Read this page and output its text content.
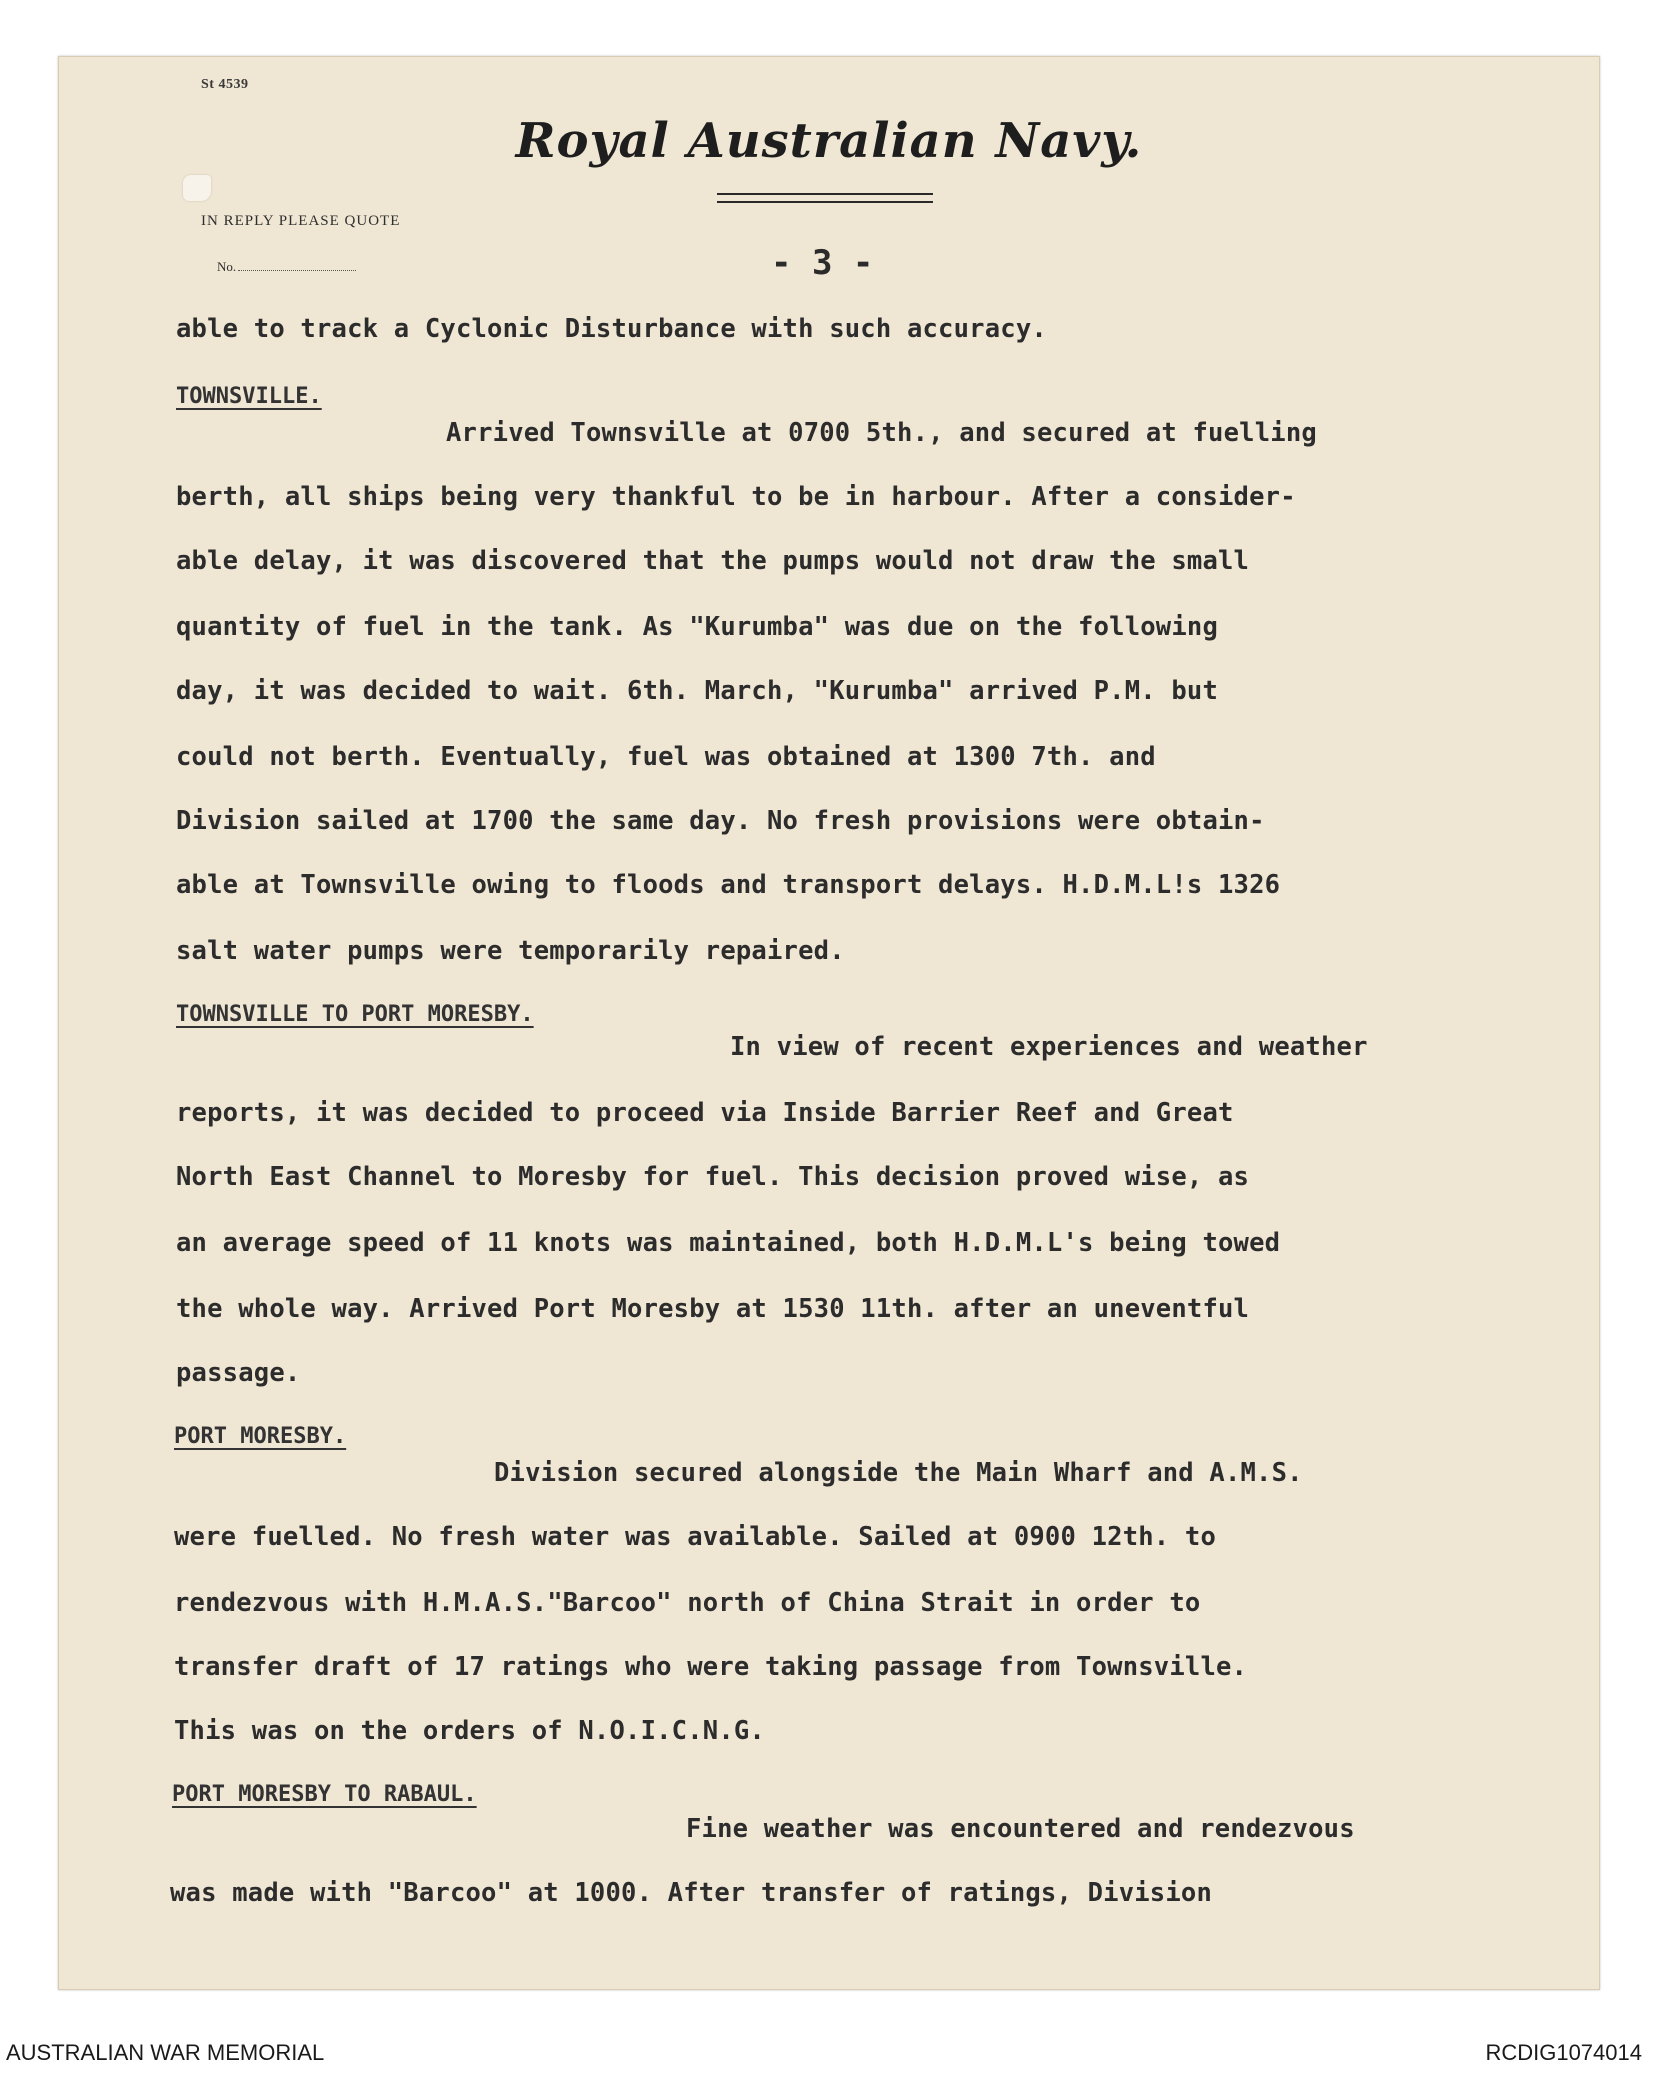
St 4539
Royal Australian Navy.
IN REPLY PLEASE QUOTE
No.	- 3 -
able to track a Cyclonic Disturbance with such accuracy.
TOWNSVILLE.
Arrived Townsville at 0700 5th., and secured at fuelling
berth, all ships being very thankful to be in harbour. After a consider-
able delay, it was discovered that the pumps would not draw the small
quantity of fuel in the tank. As "Kurumba" was due on the following
day, it was decided to wait. 6th. March, "Kurumba" arrived P.M. but
could not berth. Eventually, fuel was obtained at 1300 7th. and
Division sailed at 1700 the same day. No fresh provisions were obtain-
able at Townsville owing to floods and transport delays. H.D.M.L!s 1326
salt water pumps were temporarily repaired.
TOWNSVILLE TO PORT MORESBY.
In view of recent experiences and weather
reports, it was decided to proceed via Inside Barrier Reef and Great
North East Channel to Moresby for fuel. This decision proved wise, as
an average speed of 11 knots was maintained, both H.D.M.L's being towed
the whole way. Arrived Port Moresby at 1530 11th. after an uneventful
passage.
PORT MORESBY.
Division secured alongside the Main Wharf and A.M.S.
were fuelled. No fresh water was available. Sailed at 0900 12th. to
rendezvous with H.M.A.S."Barcoo" north of China Strait in order to
transfer draft of 17 ratings who were taking passage from Townsville.
This was on the orders of N.O.I.C.N.G.
PORT MORESBY TO RABAUL.
Fine weather was encountered and rendezvous
was made with "Barcoo" at 1000. After transfer of ratings, Division
AUSTRALIAN WAR MEMORIAL	RCDIG1074014
